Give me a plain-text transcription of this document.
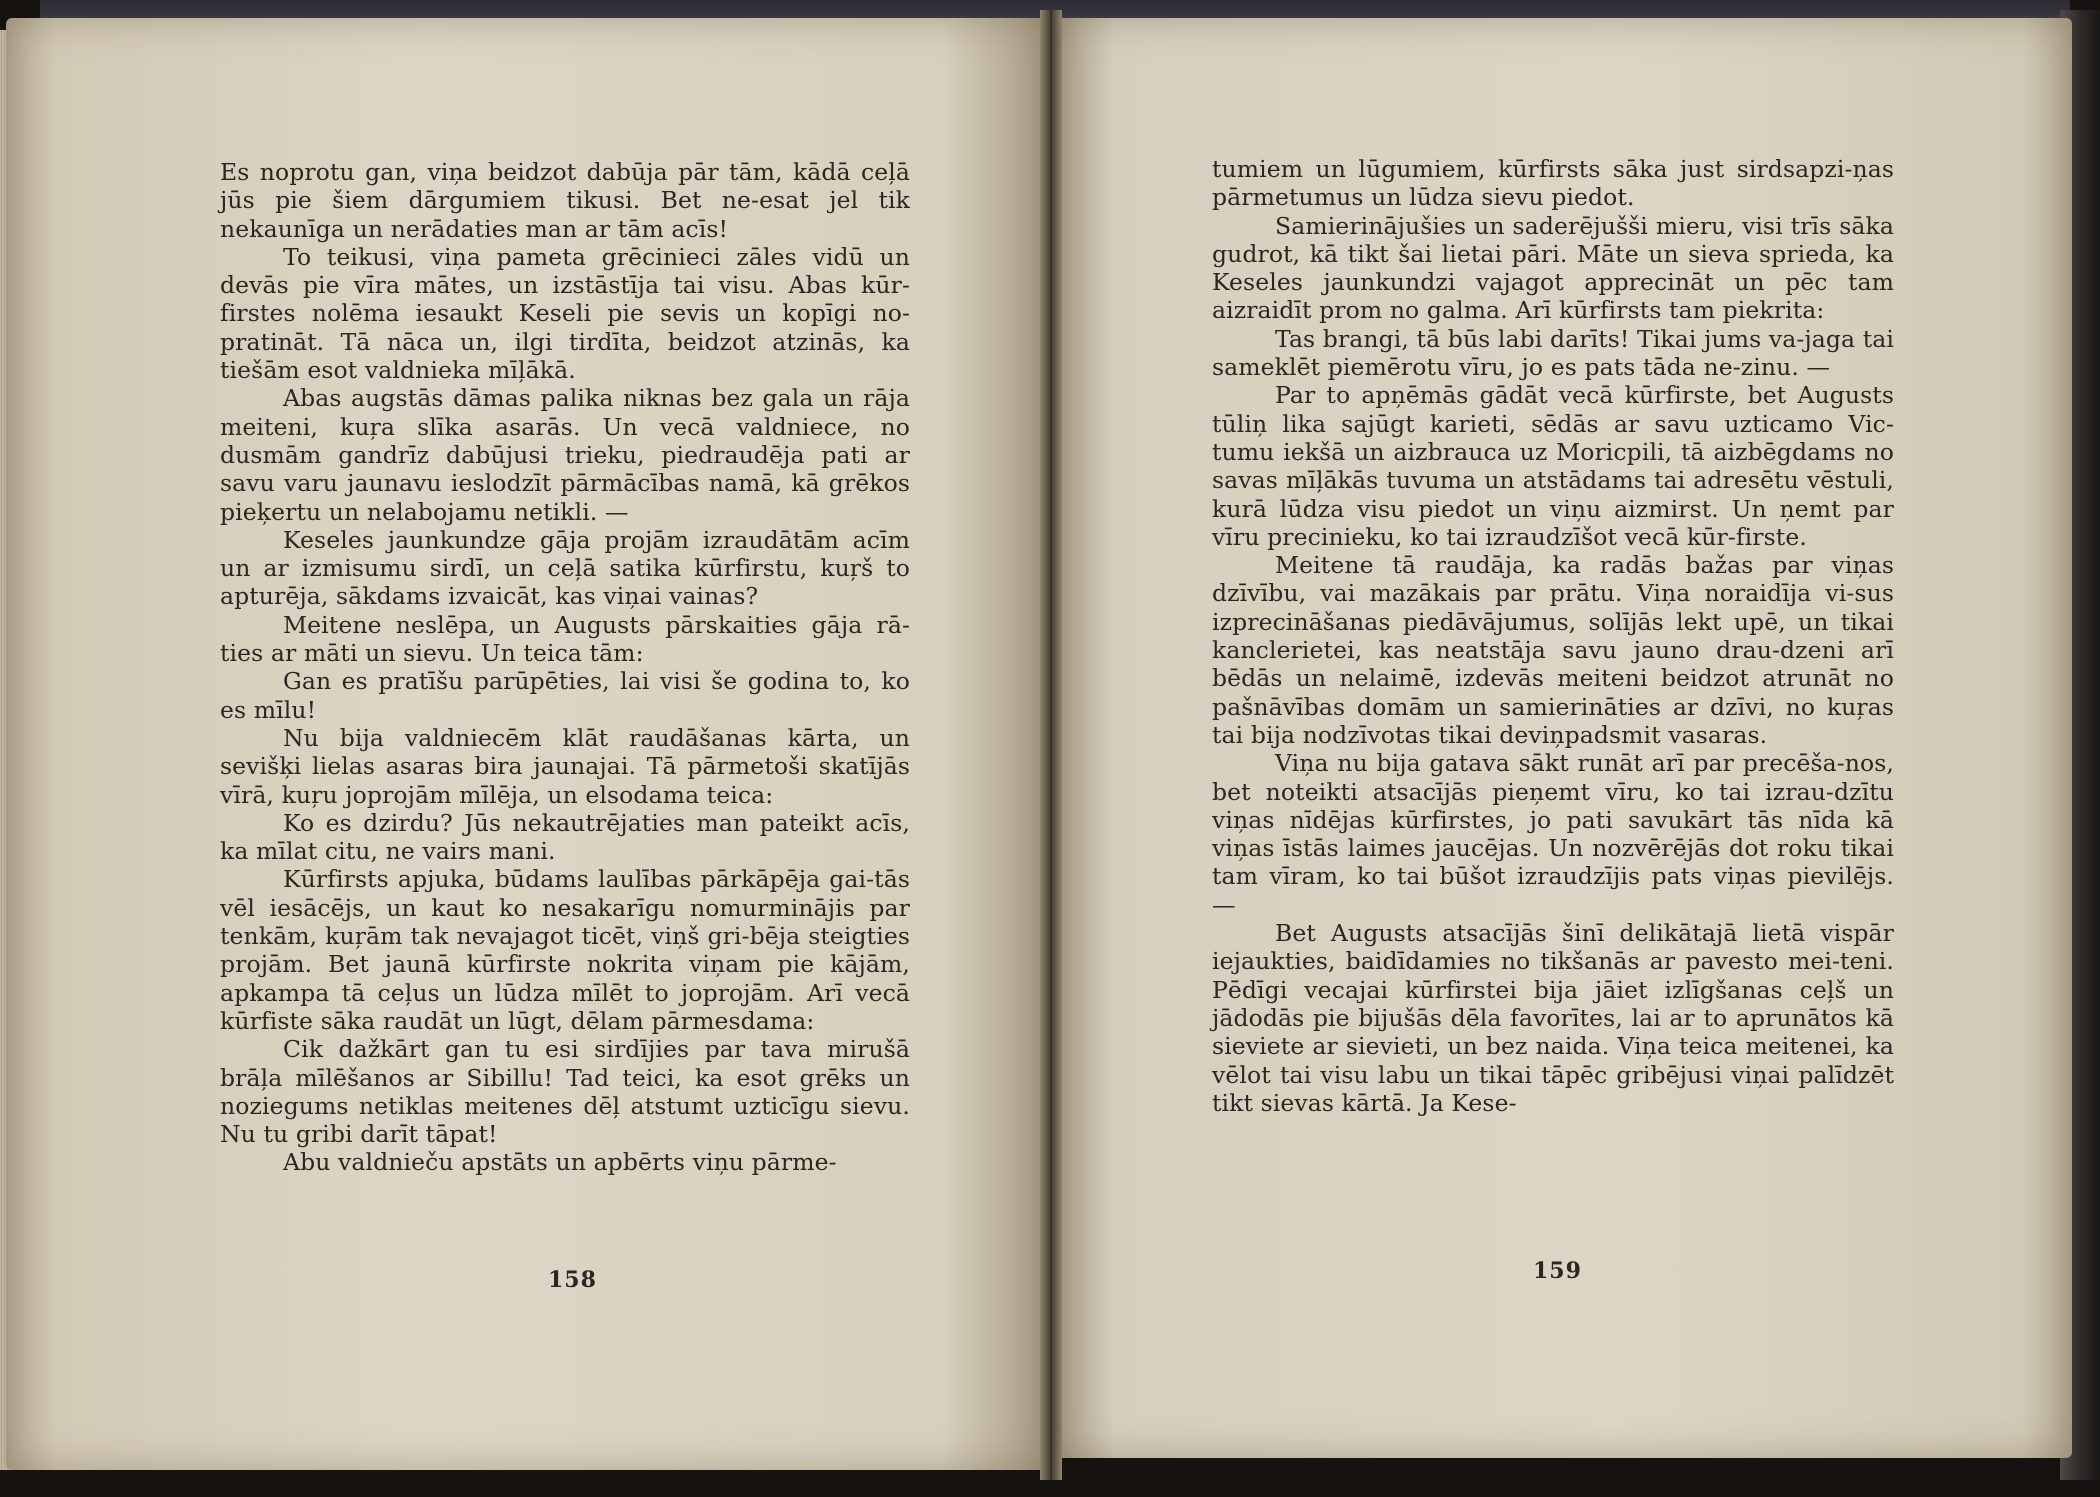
Es noprotu gan, viņa beidzot dabūja pār tām, kādā ceļā jūs pie šiem dārgumiem tikusi. Bet ne-esat jel tik nekaunīga un nerādaties man ar tām acīs!

To teikusi, viņa pameta grēcinieci zāles vidū un devās pie vīra mātes, un izstāstīja tai visu. Abas kūr-firstes nolēma iesaukt Keseli pie sevis un kopīgi no-pratināt. Tā nāca un, ilgi tirdīta, beidzot atzinās, ka tiešām esot valdnieka mīļākā.

Abas augstās dāmas palika niknas bez gala un rāja meiteni, kuŗa slīka asarās. Un vecā valdniece, no dusmām gandrīz dabūjusi trieku, piedraudēja pati ar savu varu jaunavu ieslodzīt pārmācības namā, kā grēkos pieķertu un nelabojamu netikli. —

Keseles jaunkundze gāja projām izraudātām acīm un ar izmisumu sirdī, un ceļā satika kūrfirstu, kuŗš to apturēja, sākdams izvaicāt, kas viņai vainas?

Meitene neslēpa, un Augusts pārskaities gāja rā-ties ar māti un sievu. Un teica tām:

Gan es pratīšu parūpēties, lai visi še godina to, ko es mīlu!

Nu bija valdniecēm klāt raudāšanas kārta, un sevišķi lielas asaras bira jaunajai. Tā pārmetoši skatījās vīrā, kuŗu joprojām mīlēja, un elsodama teica:

Ko es dzirdu? Jūs nekautrējaties man pateikt acīs, ka mīlat citu, ne vairs mani.

Kūrfirsts apjuka, būdams laulības pārkāpēja gai-tās vēl iesācējs, un kaut ko nesakarīgu nomurminājis par tenkām, kuŗām tak nevajagot ticēt, viņš gri-bēja steigties projām. Bet jaunā kūrfirste nokrita viņam pie kājām, apkampa tā ceļus un lūdza mīlēt to joprojām. Arī vecā kūrfiste sāka raudāt un lūgt, dēlam pārmesdama:

Cik dažkārt gan tu esi sirdījies par tava mirušā brāļa mīlēšanos ar Sibillu! Tad teici, ka esot grēks un noziegums netiklas meitenes dēļ atstumt uzticīgu sievu. Nu tu gribi darīt tāpat!

Abu valdnieču apstāts un apbērts viņu pārme-

158

tumiem un lūgumiem, kūrfirsts sāka just sirdsapzi-ņas pārmetumus un lūdza sievu piedot.

Samierinājušies un saderējušši mieru, visi trīs sāka gudrot, kā tikt šai lietai pāri. Māte un sieva sprieda, ka Keseles jaunkundzi vajagot apprecināt un pēc tam aizraidīt prom no galma. Arī kūrfirsts tam piekrita:

Tas brangi, tā būs labi darīts! Tikai jums va-jaga tai sameklēt piemērotu vīru, jo es pats tāda ne-zinu. —

Par to apņēmās gādāt vecā kūrfirste, bet Augusts tūliņ lika sajūgt karieti, sēdās ar savu uzticamo Vic-tumu iekšā un aizbrauca uz Moricpili, tā aizbēgdams no savas mīļākās tuvuma un atstādams tai adresētu vēstuli, kurā lūdza visu piedot un viņu aizmirst. Un ņemt par vīru precinieku, ko tai izraudzīšot vecā kūr-firste.

Meitene tā raudāja, ka radās bažas par viņas dzīvību, vai mazākais par prātu. Viņa noraidīja vi-sus izprecināšanas piedāvājumus, solījās lekt upē, un tikai kanclerietei, kas neatstāja savu jauno drau-dzeni arī bēdās un nelaimē, izdevās meiteni beidzot atrunāt no pašnāvības domām un samierināties ar dzīvi, no kuŗas tai bija nodzīvotas tikai deviņpadsmit vasaras.

Viņa nu bija gatava sākt runāt arī par precēša-nos, bet noteikti atsacījās pieņemt vīru, ko tai izrau-dzītu viņas nīdējas kūrfirstes, jo pati savukārt tās nīda kā viņas īstās laimes jaucējas. Un nozvērējās dot roku tikai tam vīram, ko tai būšot izraudzījis pats viņas pievilējs. —

Bet Augusts atsacījās šinī delikātajā lietā vispār iejaukties, baidīdamies no tikšanās ar pavesto mei-teni. Pēdīgi vecajai kūrfirstei bija jāiet izlīgšanas ceļš un jādodās pie bijušās dēla favorītes, lai ar to aprunātos kā sieviete ar sievieti, un bez naida. Viņa teica meitenei, ka vēlot tai visu labu un tikai tāpēc gribējusi viņai palīdzēt tikt sievas kārtā. Ja Kese-

159
